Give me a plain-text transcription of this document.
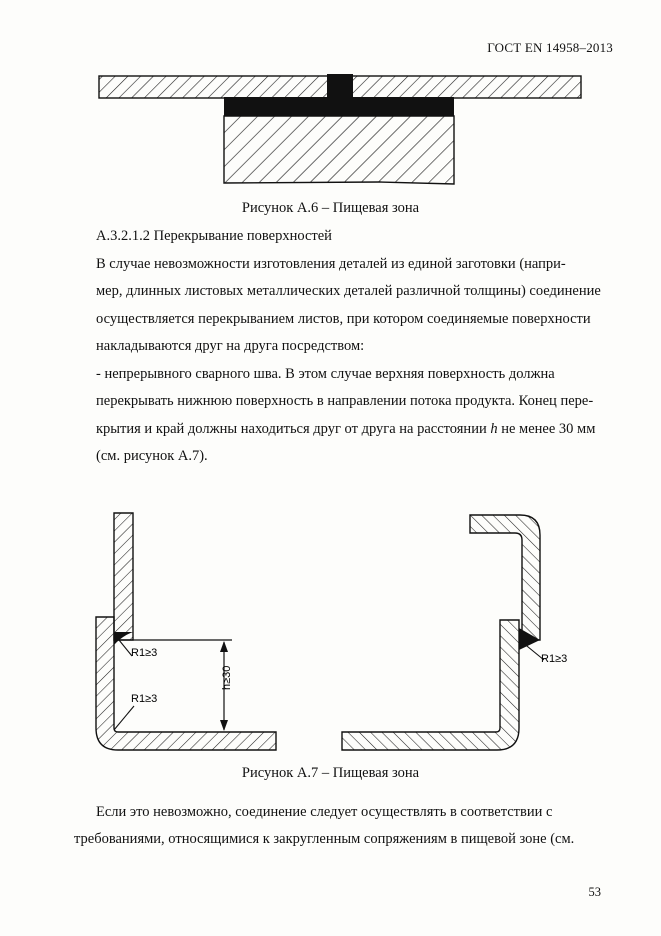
ГОСТ EN 14958–2013
Рисунок А.6 – Пищевая зона
А.3.2.1.2 Перекрывание поверхностей
В случае невозможности изготовления деталей из единой заготовки (напри-
мер, длинных листовых металлических деталей различной толщины) соединение
осуществляется перекрыванием листов, при котором соединяемые поверхности
накладываются друг на друга посредством:
- непрерывного сварного шва. В этом случае верхняя поверхность должна
перекрывать нижнюю поверхность в направлении потока продукта. Конец пере-
крытия и край должны находиться друг от друга на расстоянии h не менее 30 мм
(см. рисунок А.7).
R1≥3
R1≥3
h≥30
R1≥3
Рисунок А.7 – Пищевая зона
Если это невозможно, соединение следует осуществлять в соответствии с
требованиями, относящимися к закругленным сопряжениям в пищевой зоне (см.
53
